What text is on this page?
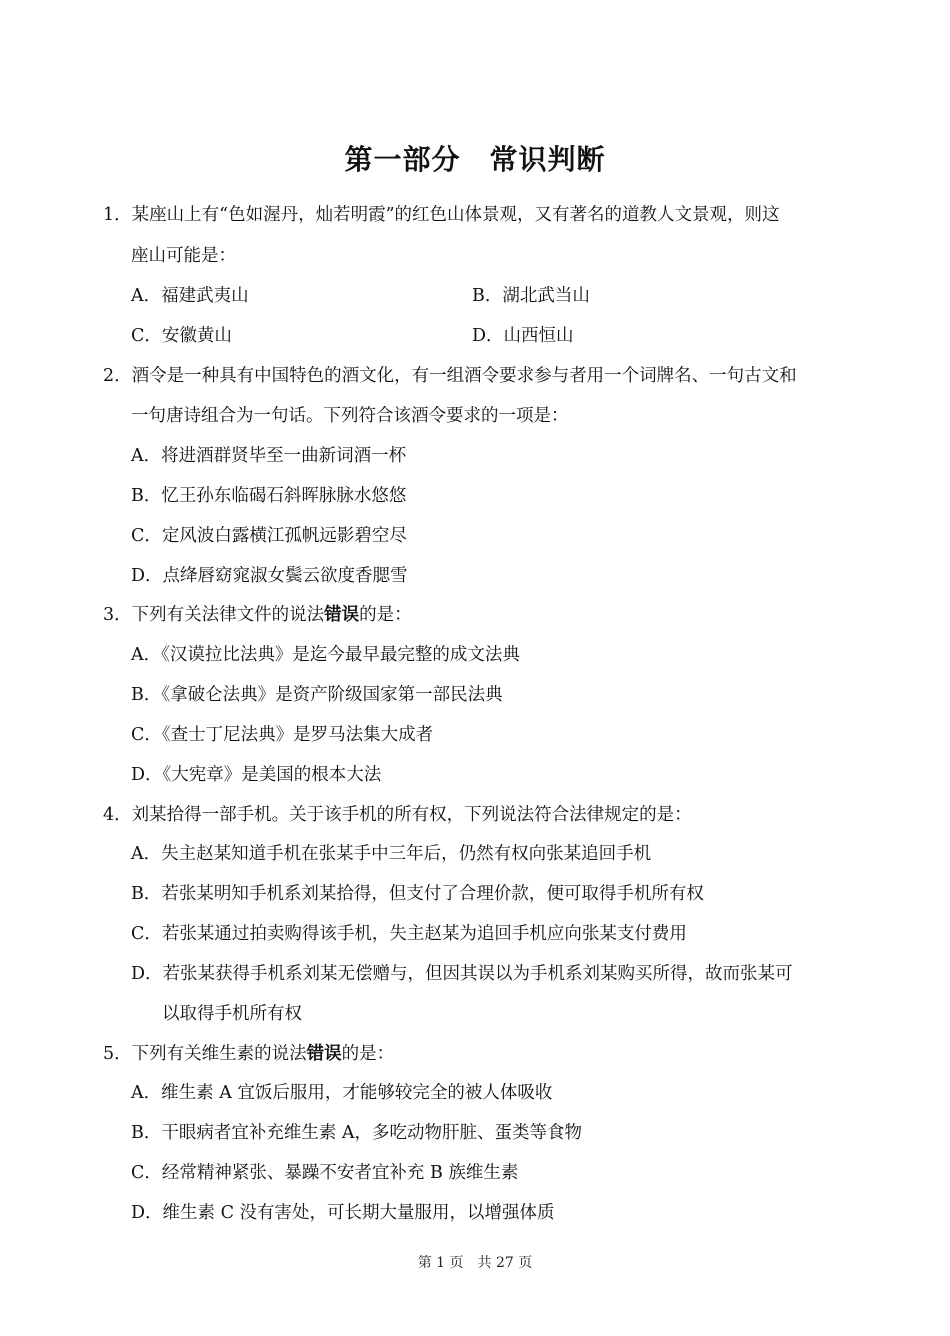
第一部分　常识判断
1．某座山上有“色如渥丹，灿若明霞”的红色山体景观，又有著名的道教人文景观，则这
座山可能是：
A．福建武夷山	B．湖北武当山
C．安徽黄山	D．山西恒山
2．酒令是一种具有中国特色的酒文化，有一组酒令要求参与者用一个词牌名、一句古文和
一句唐诗组合为一句话。下列符合该酒令要求的一项是：
A．将进酒群贤毕至一曲新词酒一杯
B．忆王孙东临碣石斜晖脉脉水悠悠
C．定风波白露横江孤帆远影碧空尽
D．点绛唇窈窕淑女鬓云欲度香腮雪
3．下列有关法律文件的说法错误的是：
A．《汉谟拉比法典》是迄今最早最完整的成文法典
B．《拿破仑法典》是资产阶级国家第一部民法典
C．《查士丁尼法典》是罗马法集大成者
D．《大宪章》是美国的根本大法
4．刘某拾得一部手机。关于该手机的所有权，下列说法符合法律规定的是：
A．失主赵某知道手机在张某手中三年后，仍然有权向张某追回手机
B．若张某明知手机系刘某拾得，但支付了合理价款，便可取得手机所有权
C．若张某通过拍卖购得该手机，失主赵某为追回手机应向张某支付费用
D．若张某获得手机系刘某无偿赠与，但因其误以为手机系刘某购买所得，故而张某可
以取得手机所有权
5．下列有关维生素的说法错误的是：
A．维生素 A 宜饭后服用，才能够较完全的被人体吸收
B．干眼病者宜补充维生素 A，多吃动物肝脏、蛋类等食物
C．经常精神紧张、暴躁不安者宜补充 B 族维生素
D．维生素 C 没有害处，可长期大量服用，以增强体质
第 1 页　共 27 页
